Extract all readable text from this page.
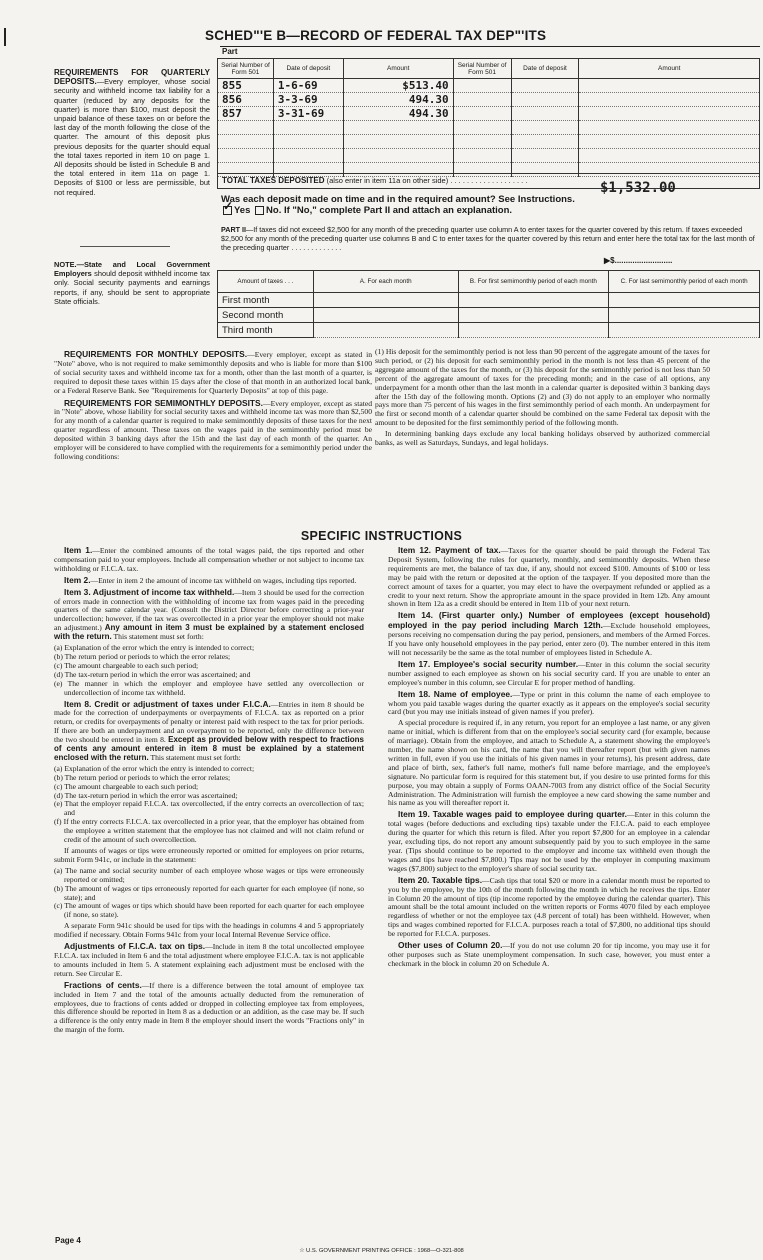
SCHED"'E B—RECORD OF FEDERAL TAX DEP"'ITS
Part
Serial Number of Form 501	Date of deposit	Amount	Serial Number of Form 501	Date of deposit	Amount
855	1-6-69	$513.40			
856	3-3-69	494.30			
857	3-31-69	494.30			

TOTAL TAXES DEPOSITED (also enter in item 11a on other side) . . . . . . . . . . . . . . . . . . .	$1,532.00
Was each deposit made on time and in the required amount? See Instructions.
✓Yes No. If "No," complete Part II and attach an explanation.
PART II—If taxes did not exceed $2,500 for any month of the preceding quarter use column A to enter taxes for the quarter covered by this return. If taxes exceeded $2,500 for any month of the preceding quarter use columns B and C to enter taxes for the quarter covered by this return and enter here the total tax for the last month of the preceding quarter . . . . . . . . . . . . .
▶$..........................
Amount of taxes . . .	A. For each month	B. For first semimonthly period of each month	C. For last semimonthly period of each month
First month			
Second month			
Third month			
REQUIREMENTS FOR QUARTERLY DEPOSITS.—Every employer, whose social security and withheld income tax liability for a quarter (reduced by any deposits for the quarter) is more than $100, must deposit the unpaid balance of these taxes on or before the last day of the month following the close of the quarter. The amount of this deposit plus previous deposits for the quarter should equal the total taxes reported in item 10 on page 1. All deposits should be listed in Schedule B and the total entered in item 11a on page 1. Deposits of $100 or less are permissible, but not required.
NOTE.—State and Local Government Employers should deposit withheld income tax only. Social security payments and earnings reports, if any, should be sent to appropriate State officials.

REQUIREMENTS FOR MONTHLY DEPOSITS.—Every employer, except as stated in "Note" above, who is not required to make semimonthly deposits and who is liable for more than $100 of social security taxes and withheld income tax for a month, other than the last month of a quarter, is required to deposit these taxes within 15 days after the close of that month in an authorized local bank, or a Federal Reserve Bank. See "Requirements for Quarterly Deposits" at top of this page.

REQUIREMENTS FOR SEMIMONTHLY DEPOSITS.—Every employer, except as stated in "Note" above, whose liability for social security taxes and withheld income tax was more than $2,500 for any month of a calendar quarter is required to make semimonthly deposits of these taxes for the next quarter regardless of amount. These taxes on the wages paid in the semimonthly period must be deposited within 3 banking days after the 15th and the last day of each month of the quarter. An employer will be considered to have complied with the requirements for a semimonthly period under the following conditions:

(1) His deposit for the semimonthly period is not less than 90 percent of the aggregate amount of the taxes for such period, or (2) his deposit for each semimonthly period in the month is not less than 45 percent of the aggregate amount of the taxes for the month, or (3) his deposit for the semimonthly period is not less than 50 percent of the aggregate amount of taxes for the preceding month; and in the case of all options, any underpayment for a month other than the last month in a calendar quarter is deposited within 3 banking days after the 15th day of the following month. Options (2) and (3) do not apply to an employer who normally pays more than 75 percent of his wages in the first semimonthly period of each month. An underpayment for the first or second month of a calendar quarter should be combined on the same Federal tax deposit with the amount to be deposited for the first semimonthly period of the following month.

In determining banking days exclude any local banking holidays observed by authorized commercial banks, as well as Saturdays, Sundays, and legal holidays.

SPECIFIC INSTRUCTIONS

Item 1.—Enter the combined amounts of the total wages paid, the tips reported and other compensation paid to your employees. Include all compensation whether or not subject to income tax withholding or F.I.C.A. tax.

Item 2.—Enter in item 2 the amount of income tax withheld on wages, including tips reported.

Item 3. Adjustment of income tax withheld.—Item 3 should be used for the correction of errors made in connection with the withholding of income tax from wages paid in the preceding quarters of the same calendar year. (Consult the District Director before correcting a prior-year undercollection; however, if the tax was overcollected in a prior year the employer should not make an adjustment.) Any amount in item 3 must be explained by a statement enclosed with the return. This statement must set forth:

(a) Explanation of the error which the entry is intended to correct;

(b) The return period or periods to which the error relates;

(c) The amount chargeable to each such period;

(d) The tax-return period in which the error was ascertained; and

(e) The manner in which the employer and employee have settled any overcollection or undercollection of income tax withheld.

Item 8. Credit or adjustment of taxes under F.I.C.A.—Entries in item 8 should be made for the correction of underpayments or overpayments of F.I.C.A. tax as reported on a prior return, or credits for overpayments of penalty or interest paid with respect to the tax for prior periods. If there are both an underpayment and an overpayment to be reported, only the difference between the two should be entered in item 8. Except as provided below with respect to fractions of cents any amount entered in item 8 must be explained by a statement enclosed with the return. This statement must set forth:

(a) Explanation of the error which the entry is intended to correct;

(b) The return period or periods to which the error relates;

(c) The amount chargeable to each such period;

(d) The tax-return period in which the error was ascertained;

(e) That the employer repaid F.I.C.A. tax overcollected, if the entry corrects an overcollection of tax; and

(f) If the entry corrects F.I.C.A. tax overcollected in a prior year, that the employer has obtained from the employee a written statement that the employee has not claimed and will not claim refund or credit of the amount of such overcollection.

If amounts of wages or tips were erroneously reported or omitted for employees on prior returns, submit Form 941c, or include in the statement:

(a) The name and social security number of each employee whose wages or tips were erroneously reported or omitted;

(b) The amount of wages or tips erroneously reported for each quarter for each employee (if none, so state); and

(c) The amount of wages or tips which should have been reported for each quarter for each employee (if none, so state).

A separate Form 941c should be used for tips with the headings in columns 4 and 5 appropriately modified if necessary. Obtain Forms 941c from your local Internal Revenue Service office.

Adjustments of F.I.C.A. tax on tips.—Include in item 8 the total uncollected employee F.I.C.A. tax included in Item 6 and the total adjustment where employee F.I.C.A. tax is not applicable to amounts included in Item 5. A statement explaining each adjustment must be enclosed with the return. See Circular E.

Fractions of cents.—If there is a difference between the total amount of employee tax included in Item 7 and the total of the amounts actually deducted from the remuneration of employees, due to fractions of cents added or dropped in collecting employee tax from employees, this difference should be reported in Item 8 as a deduction or an addition, as the case may be. If such a difference is the only entry made in Item 8 the employer should insert the words "Fractions only" in the margin of the form.

Item 12. Payment of tax.—Taxes for the quarter should be paid through the Federal Tax Deposit System, following the rules for quarterly, monthly, and semimonthly deposits. When these requirements are met, the balance of tax due, if any, should not exceed $100. Amounts of $100 or less may be paid with the return or deposited at the option of the taxpayer. If you deposited more than the correct amount of taxes for a quarter, you may elect to have the overpayment refunded or applied as a credit to your next return. Show the appropriate amount in the space provided in Item 12b. Any amount shown in Item 12a as a credit should be entered in Item 11b of your next return.

Item 14. (First quarter only.) Number of employees (except household) employed in the pay period including March 12th.—Exclude household employees, persons receiving no compensation during the pay period, pensioners, and members of the Armed Forces. If you have only household employees in the pay period, enter zero (0). The number entered in this item will not necessarily be the same as the total number of employees listed in Schedule A.

Item 17. Employee's social security number.—Enter in this column the social security number assigned to each employee as shown on his social security card. If you are unable to enter an employee's number in this column, see Circular E for proper method of handling.

Item 18. Name of employee.—Type or print in this column the name of each employee to whom you paid taxable wages during the quarter exactly as it appears on the employee's social security card (but you may use initials instead of given names if you prefer).

A special procedure is required if, in any return, you report for an employee a last name, or any given name or initial, which is different from that on the employee's social security card (for example, because of marriage). Obtain from the employee, and attach to Schedule A, a statement showing the employee's number, the name shown on his card, the name that you will thereafter report (but with given names written in full, even if you use the initials of his given names in your returns), his present address, date and place of birth, sex, father's full name, mother's full name before marriage, and the employee's signature. No particular form is required for this statement but, if you desire to use printed forms for this purpose, you may obtain a supply of Forms OAAN-7003 from any district office of the Social Security Administration. The Administration will furnish the employee a new card showing the same number and his name as you will thereafter report it.

Item 19. Taxable wages paid to employee during quarter.—Enter in this column the total wages (before deductions and excluding tips) taxable under the F.I.C.A. paid to each employee during the quarter for which this return is filed. After you report $7,800 for an employee in a calendar year, excluding tips, do not report any amount subsequently paid by you to such employee in the same year. (Tips should continue to be reported to the employer and income tax withheld even though the wages and tips have reached $7,800.) Tips may not be used by the employer in computing maximum wages ($7,800) subject to the employer's share of social security tax.

Item 20. Taxable tips.—Cash tips that total $20 or more in a calendar month must be reported to you by the employee, by the 10th of the month following the month in which he receives the tips. Enter in Column 20 the amount of tips (tip income reported by the employee during the calendar quarter). This amount shall be the total amount included on the written reports or Forms 4070 filed by each employee regardless of whether or not the employee tax (4.8 percent of total) has been withheld. However, when tips and wages combined reported for F.I.C.A. purposes reach a total of $7,800, no additional tips should be reported for F.I.C.A. purposes.

Other uses of Column 20.—If you do not use column 20 for tip income, you may use it for other purposes such as State unemployment compensation. In such case, however, you must enter a checkmark in the block in column 20 on Schedule A.

Page 4
☆ U.S. GOVERNMENT PRINTING OFFICE : 1968—O-321-808
